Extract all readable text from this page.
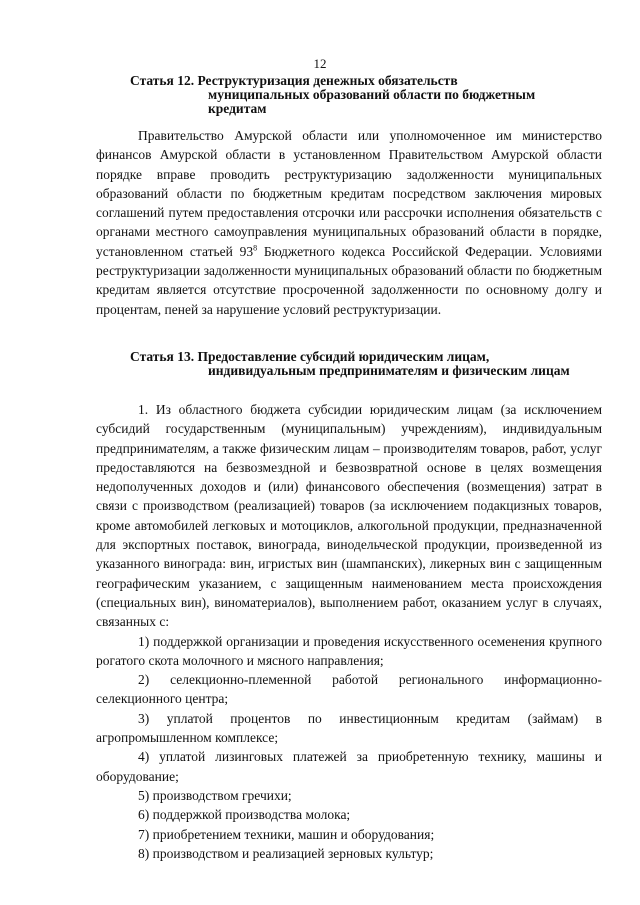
12
Статья 12. Реструктуризация денежных обязательств
муниципальных образований области по бюджетным кредитам

Правительство Амурской области или уполномоченное им министерство финансов Амурской области в установленном Правительством Амурской области порядке вправе проводить реструктуризацию задолженности муниципальных образований области по бюджетным кредитам посредством заключения мировых соглашений путем предоставления отсрочки или рассрочки исполнения обязательств с органами местного самоуправления муниципальных образований области в порядке, установленном статьей $93^8$ Бюджетного кодекса Российской Федерации. Условиями реструктуризации задолженности муниципальных образований области по бюджетным кредитам является отсутствие просроченной задолженности по основному долгу и процентам, пеней за нарушение условий реструктуризации.

Статья 13. Предоставление субсидий юридическим лицам,
индивидуальным предпринимателям и физическим лицам

1. Из областного бюджета субсидии юридическим лицам (за исключением субсидий государственным (муниципальным) учреждениям), индивидуальным предпринимателям, а также физическим лицам – производителям товаров, работ, услуг предоставляются на безвозмездной и безвозвратной основе в целях возмещения недополученных доходов и (или) финансового обеспечения (возмещения) затрат в связи с производством (реализацией) товаров (за исключением подакцизных товаров, кроме автомобилей легковых и мотоциклов, алкогольной продукции, предназначенной для экспортных поставок, винограда, винодельческой продукции, произведенной из указанного винограда: вин, игристых вин (шампанских), ликерных вин с защищенным географическим указанием, с защищенным наименованием места происхождения (специальных вин), виноматериалов), выполнением работ, оказанием услуг в случаях, связанных с:

1) поддержкой организации и проведения искусственного осеменения крупного рогатого скота молочного и мясного направления;

2) селекционно-племенной работой регионального информационно-селекционного центра;

3) уплатой процентов по инвестиционным кредитам (займам) в агропромышленном комплексе;

4) уплатой лизинговых платежей за приобретенную технику, машины и оборудование;

5) производством гречихи;

6) поддержкой производства молока;

7) приобретением техники, машин и оборудования;

8) производством и реализацией зерновых культур;
